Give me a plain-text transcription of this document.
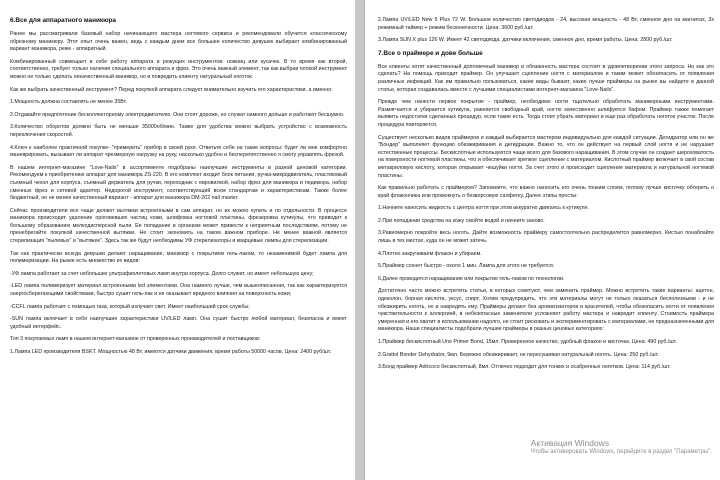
6.Все для аппаратного маникюра

Ранее мы рассматривали базовый набор начинающего мастера ногтевого сервиса и рекомендовали обучится классическому обрезному маникюру. Этот опыт очень важен, ведь с каждым днем все большее количество девушек выбирает комбинированный вариант маникюра, реже - аппаратный.

Комбинированный совмещает в себе работу аппарата и режущих инструментов: ножниц или кусачек. В то время как второй, соответственно, требует только наличия специального аппарата и фрез. Это очень важный элемент, так как выбрав плохой инструмент можно не только сделать некачественный маникюр, но и повредить клиенту натуральный ноготок.

Как же выбрать качественный инструмент? Перед покупкой аппарата следует внимательно изучить его характеристики, а именно:

1.Мощность должна составлять не менее 35Вт.

2.Отдавайте предпочтение бесколлекторному электродвигателю. Они стоят дороже, но служат намного дольше и работают бесшумно.

3.Количество оборотов должно быть не меньше 35000об/мин. Также для удобства можно выбрать устройство с возможность переключения скоростей.

4.Ключ к наиболее практичной покупке- "примерить" прибор в своей руке. Ответьте себе на такие вопросы: будет ли мне комфортно маневрировать, вызывает ли аппарат чрезмерную нагрузку на руку, насколько удобно и бесперепятственно я смогу управлять фрезой.

В нашем интернет-магазине "Love-Nails" в ассортименте подобраны наилучшие инструменты в разной ценовой категории. Рекомендуем к приобретению аппарат для маникюра ZS-220. В его комплект входит блок питания, ручка-микродвигатель, пластиковый съемный чехол для корпуса, съемный держатель для ручки, переходник с евровилкой, набор фрез для маникюра и педикюра, набор сменных фрез и сетевой адаптер. Недорогой инструмент, соответствующий всем стандартам и характеристикам. Также более бюджетный, но не менее качественный вариант - аппарат для маникюра DM-202 nail master.

Сейчас производители все чаще делают вытяжки встроенными в сам аппарат, но их можно купить и по отдельности. В процессе маникюра происходит удаление ороговевших частиц кожи, шлифовка ногтевой пластины, фрезеровка кутикулы, что приводит к большому образованию мелкодисперсной пыли. Ее попадание в организм может привести к неприятным последствиям, потому не пренебрегайте покупкой качественной вытяжки. Не стоит экономить на таком важном приборе. Не менее важной является стерилизация "пылевых" и "вытяжек". Здесь так же будут необходимы УФ стерилизаторы и кварцевые лампы для стерилизации.

Так как практически всегда девушки делают наращивание, маникюр с покрытием гель-лаком, то незаменимой будет лампа для полимеризации. На рынке есть множество их видов:

-УФ лампа работает за счет небольших ультрафиолетовых ламп внутри корпуса. Долго служит, но имеет небольшую цену;

-LED лампа полимеризует материал встроенными led элементами. Она намного лучше, чем вышеописанная, так как характеризуется энергосберегающими свойствами, быстро сушит гель-лак и не оказывает вредного влияния на поверхность кожи;

-CCFL лампа работает с помощью газа, который излучает свет. Имеет наибольший срок службы;

-SUN лампа включает в себя наилучшие характеристики UV/LED ламп. Она сушит быстро любой материал, безопасна и имеет удобный интерфейс.

Топ 3 покупаемых ламп в нашем интернет-магазине от проверенных производителей и поставщиков:

1.Лампа LED производителя BSKT. Мощностью 48 Вт, имеются датчики движения, время работы 50000 часов. Цена: 2400 руб/шт.

2.Лампа UV/LED New 5 Plus 72 W. Большое количество светодиодов - 24, высокая мощность - 48 Вт, сменное дно на магнитах, 3х режимный таймер + режим бесконечности. Цена: 3600 руб./шт.

3.Лампа SUN X plus 126 W. Имеет 42 светодиода, датчики включения, сменное дно, время работы. Цена: 2800 руб./шт.

7.Все о праймере и дове больше

Все клиенты хотят качественный долговечный маникюр и обязанность мастера состоит в удовлетворении этого запроса. Но как это сделать? На помощь приходит праймер. Он улучшает сцепление ногтя с материалом и таким может обезопасить от появления различных инфекций. Как им правильно пользоваться, какие виды бывают, какие лучше праймеры на рынке вы найдете в данной статье, которая создавалась вместе с лучшими специалистами интернет-магазина "Love-Nails".

Прежде чем нанести первое покрытие - праймер, необходимо ногти тщательно обработать маникюрными инструментами. Размягчается и убирается кутикула, равняется свободный край, ногтю качественно шлифуется бафом. Праймер также помогает выявить недостатки сделанных процедур, если такие есть. Тогда стоит убрать материал и еще раз обработать ноготок участок. После процедура повторяется.

Существует несколько видов праймеров и каждый выбирается мастером индивидуально для каждой ситуации. Дегидратор или он же "Бондер" выполняет функцию обезжиривания и дегидрации. Важно то, что он действует на первый слой ногтя и не нарушает естественные процессы. Бескислотные используются чаще всего для базового наращивания. В этом случае он создает шероховатость на поверхности ногтевой пластины, что и обеспечивает крепкое сцепление с материалом. Кислотный праймер включает в свой состав метакриловую кислоту, которая открывает чешуйки ногтя. За счет этого и происходит сцепление материала и натуральной ногтевой пластины.

Как правильно работать с праймером? Запомните, что важно наносить его очень тонким слоем, потому лучше кисточку обтереть о край флакончика или промокнуть о безворсовую салфетку. Далее этапы просты:

1.Начните наносить жидкость с центра ногтя при этом аккуратно двигаясь к кутикуле.

2.При попадании средства на кожу смойте водой и начните заново.

3.Равномерно покройте весь ноготь. Дайте возможность праймеру самостоятельно распределится равномерно. Кистью понаблайте лишь в тех местах, куда он не может затечь.

4.Плотно закручиваем флакон и убираем.

5.Праймер сохнет быстро - около 1 мин. Лампа для этого не требуется.

6.Далее проводится наращивание или покрытие гель-лаком по технологии.

Достаточно часто можно встретить статьи, в которых советуют, чем заменить праймер. Можно встретить такие варианты: ацетон, одеколон, борная кислота, уксус, спирт. Хотим предупредить, что эти материалы могут не только оказаться бесполезными - и не обезжирить ноготь, но и навредить ему. Праймеры делают без ароматизаторов и красителей, чтобы обезопасить ногти от появления чувствительности к аллергией, в небезопасные заменители усложняет работу мастера и навредит клиенту. Стоимость праймера умеренная и его хватит в использовании надолго, не стоит рисковать и экспериментировать с материалами, не предназначенными для маникюра. Наши специалисты подобрали лучшие праймеры в разных ценовых категориях:

1.Праймер бескислотный Uno Primer Bond, 15мл. Проверенное качество, удобный флакон и кисточка. Цена: 490 руб./шт.

2.Grattol Bonder Dehydrator, 9мл. Бережно обезжиривает, не пересушивая натуральный ноготь. Цена: 250 руб./шт.

3.Бонд праймер Adricoco бескислотный, 8мл. Отлично подходит для тонких и осабренных ноготков. Цена: 114 руб./шт.

Активация Windows
Чтобы активировать Windows, перейдите в раздел "Параметры".
